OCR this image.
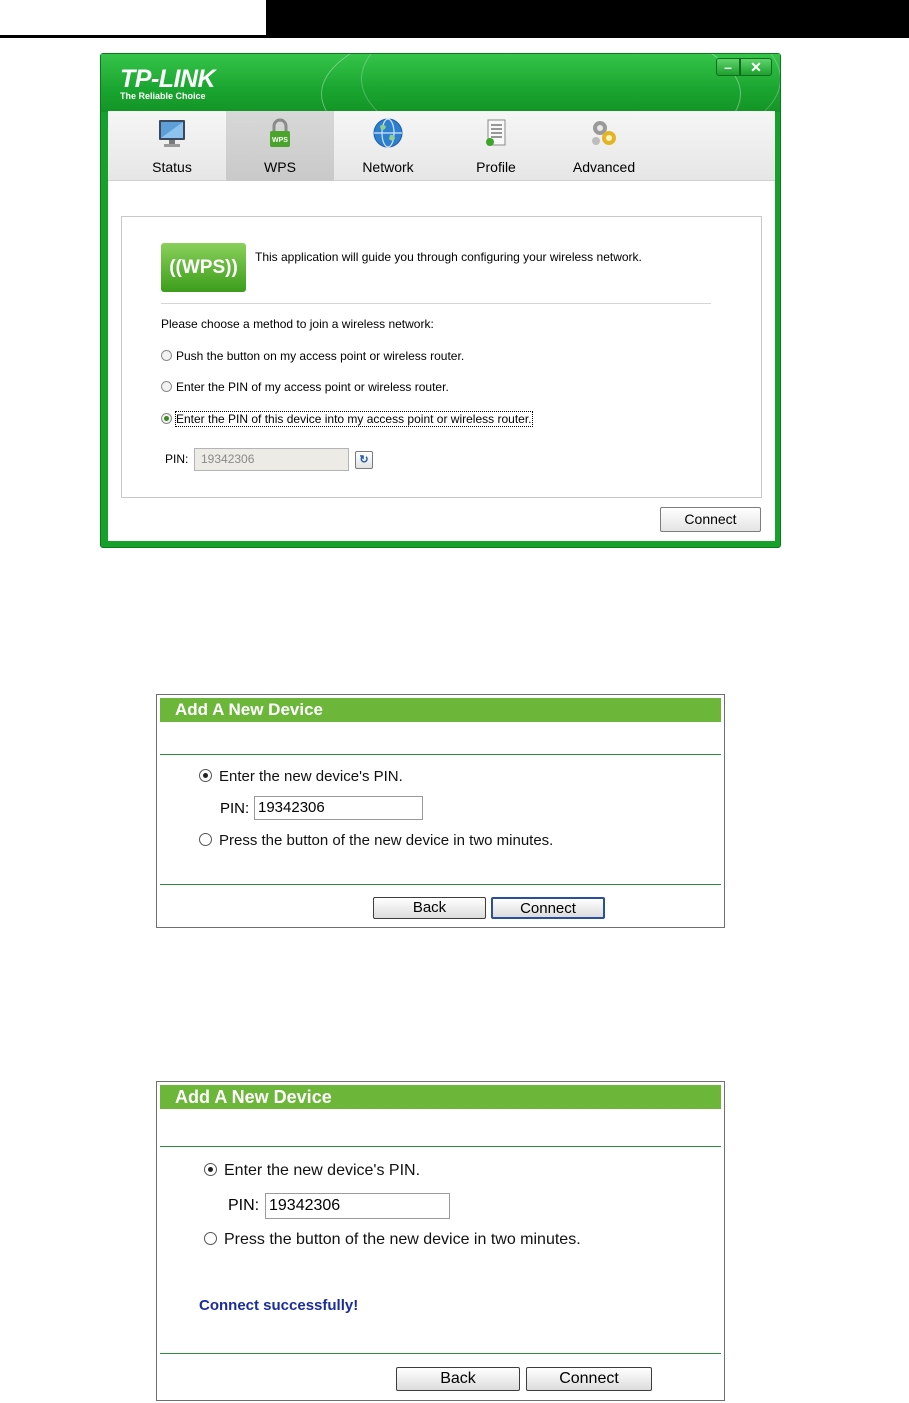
TP-LINK
The Reliable Choice
–	✕
Status
WPS
WPS	Network	Profile	Advanced
((WPS))	This application will guide you through configuring your wireless network.
Please choose a method to join a wireless network:
Push the button on my access point or wireless router.
Enter the PIN of my access point or wireless router.
Enter the PIN of this device into my access point or wireless router.
PIN:	19342306	↻
Connect
Add A New Device
Enter the new device's PIN.
PIN: 19342306
Press the button of the new device in two minutes.
Back	Connect
Add A New Device
Enter the new device's PIN.
PIN: 19342306
Press the button of the new device in two minutes.
Connect successfully!
Back	Connect
